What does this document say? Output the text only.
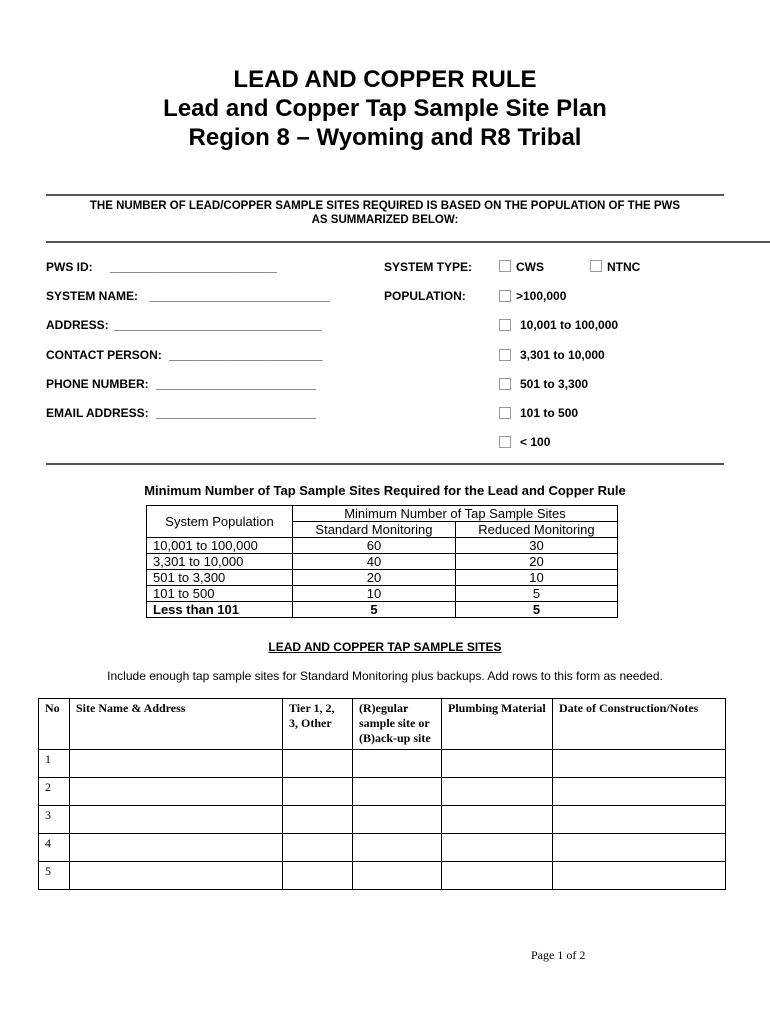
LEAD AND COPPER RULE
Lead and Copper Tap Sample Site Plan
Region 8 – Wyoming and R8 Tribal
THE NUMBER OF LEAD/COPPER SAMPLE SITES REQUIRED IS BASED ON THE POPULATION OF THE PWS
AS SUMMARIZED BELOW:
PWS ID: _________________________
SYSTEM NAME: ___________________________
ADDRESS: _______________________________
CONTACT PERSON: _______________________
PHONE NUMBER: ________________________
EMAIL ADDRESS: ________________________
SYSTEM TYPE:	CWS	NTNC
POPULATION:	>100,000
10,001 to 100,000
3,301 to 10,000
501 to 3,300
101 to 500
< 100
Minimum Number of Tap Sample Sites Required for the Lead and Copper Rule
System Population	Minimum Number of Tap Sample Sites	
	Standard Monitoring	Reduced Monitoring
10,001 to 100,000	60	30
3,301 to 10,000	40	20
501 to 3,300	20	10
101 to 500	10	5
Less than 101	5	5
LEAD AND COPPER TAP SAMPLE SITES
Include enough tap sample sites for Standard Monitoring plus backups. Add rows to this form as needed.
No	Site Name & Address	Tier 1, 2, 3, Other	(R)egular sample site or (B)ack-up site	Plumbing Material	Date of Construction/Notes
1					
2					
3					
4					
5					
Page 1 of 2
